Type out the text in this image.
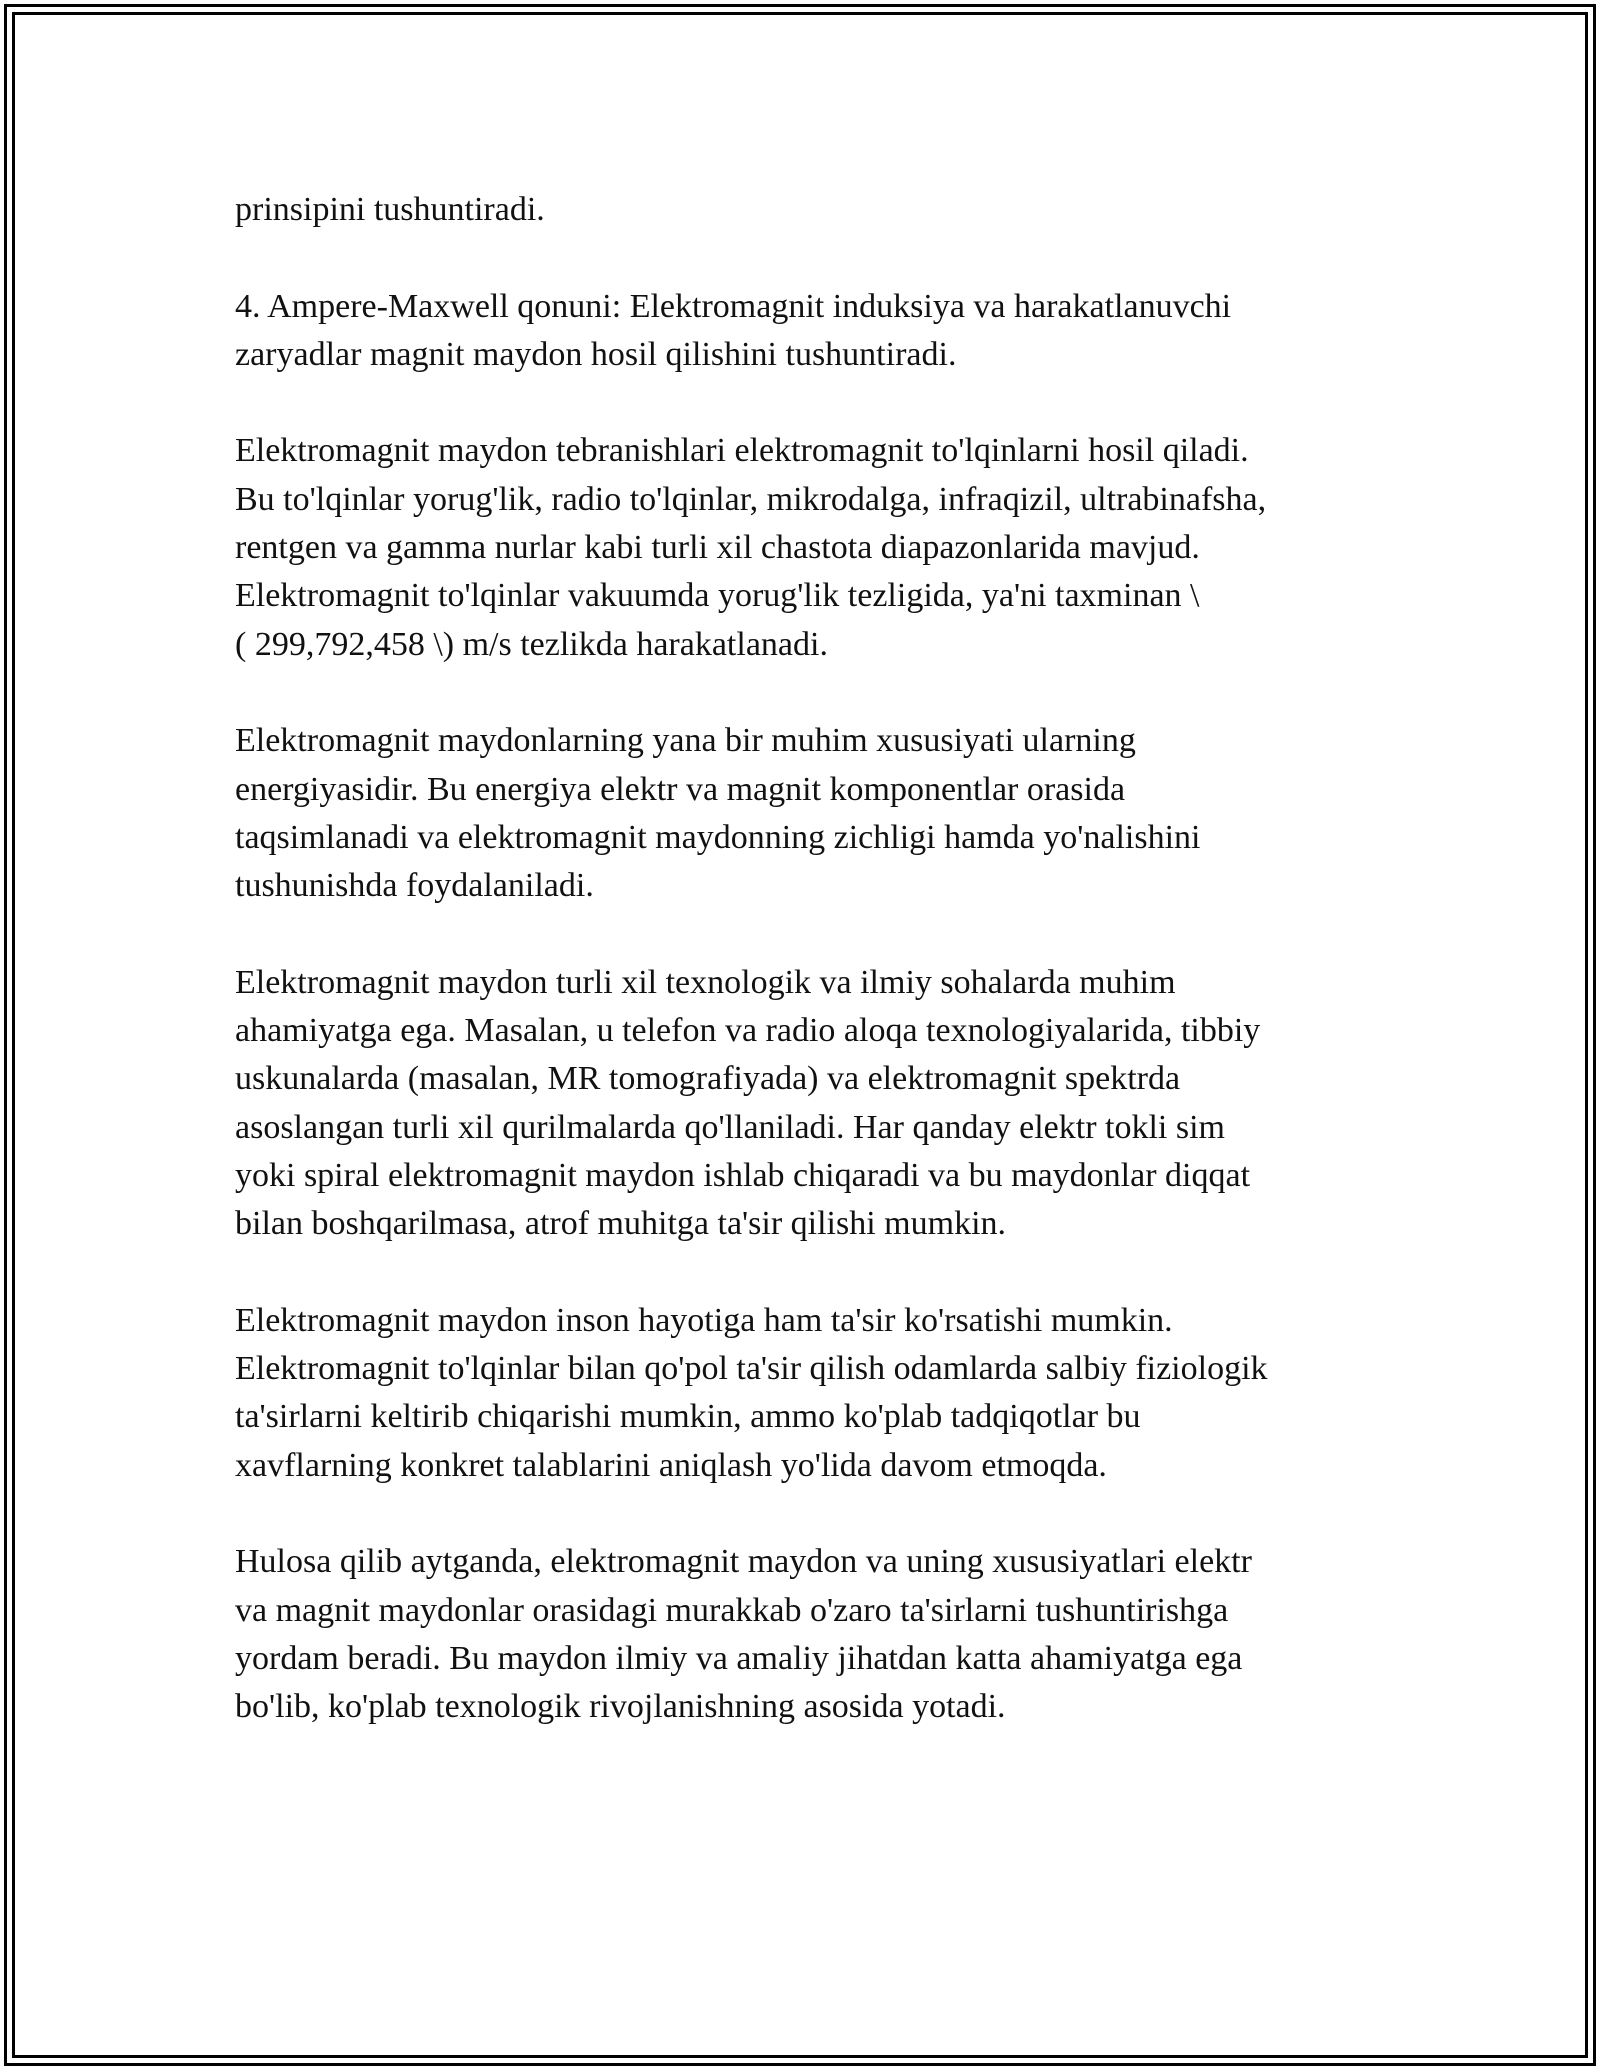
prinsipini tushuntiradi.

4. Ampere-Maxwell qonuni: Elektromagnit induksiya va harakatlanuvchi
zaryadlar magnit maydon hosil qilishini tushuntiradi.

Elektromagnit maydon tebranishlari elektromagnit to'lqinlarni hosil qiladi.
Bu to'lqinlar yorug'lik, radio to'lqinlar, mikrodalga, infraqizil, ultrabinafsha,
rentgen va gamma nurlar kabi turli xil chastota diapazonlarida mavjud.
Elektromagnit to'lqinlar vakuumda yorug'lik tezligida, ya'ni taxminan \
( 299,792,458 \) m/s tezlikda harakatlanadi.

Elektromagnit maydonlarning yana bir muhim xususiyati ularning
energiyasidir. Bu energiya elektr va magnit komponentlar orasida
taqsimlanadi va elektromagnit maydonning zichligi hamda yo'nalishini
tushunishda foydalaniladi.

Elektromagnit maydon turli xil texnologik va ilmiy sohalarda muhim
ahamiyatga ega. Masalan, u telefon va radio aloqa texnologiyalarida, tibbiy
uskunalarda (masalan, MR tomografiyada) va elektromagnit spektrda
asoslangan turli xil qurilmalarda qo'llaniladi. Har qanday elektr tokli sim
yoki spiral elektromagnit maydon ishlab chiqaradi va bu maydonlar diqqat
bilan boshqarilmasa, atrof muhitga ta'sir qilishi mumkin.

Elektromagnit maydon inson hayotiga ham ta'sir ko'rsatishi mumkin.
Elektromagnit to'lqinlar bilan qo'pol ta'sir qilish odamlarda salbiy fiziologik
ta'sirlarni keltirib chiqarishi mumkin, ammo ko'plab tadqiqotlar bu
xavflarning konkret talablarini aniqlash yo'lida davom etmoqda.

Hulosa qilib aytganda, elektromagnit maydon va uning xususiyatlari elektr
va magnit maydonlar orasidagi murakkab o'zaro ta'sirlarni tushuntirishga
yordam beradi. Bu maydon ilmiy va amaliy jihatdan katta ahamiyatga ega
bo'lib, ko'plab texnologik rivojlanishning asosida yotadi.
